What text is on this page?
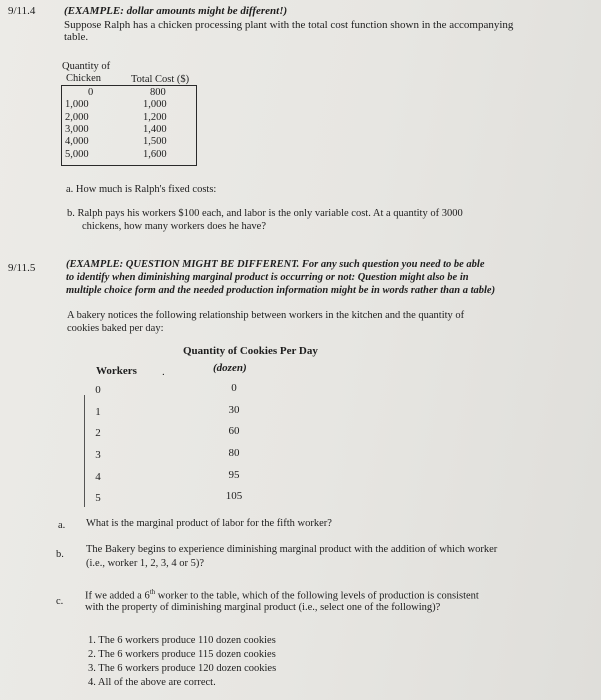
9/11.4	(EXAMPLE: dollar amounts might be different!)
Suppose Ralph has a chicken processing plant with the total cost function shown in the accompanying
table.
Quantity of
Chicken	Total Cost ($)
0	800
1,000	1,000
2,000	1,200
3,000	1,400
4,000	1,500
5,000	1,600
a. How much is Ralph's fixed costs:
b. Ralph pays his workers $100 each, and labor is the only variable cost. At a quantity of 3000
chickens, how many workers does he have?
9/11.5	(EXAMPLE: QUESTION MIGHT BE DIFFERENT. For any such question you need to be able
to identify when diminishing marginal product is occurring or not: Question might also be in
multiple choice form and the needed production information might be in words rather than a table)
A bakery notices the following relationship between workers in the kitchen and the quantity of
cookies baked per day:
Quantity of Cookies Per Day
Workers .	(dozen)
0	0
1	30
2	60
3	80
4	95
5	105
a. What is the marginal product of labor for the fifth worker?
b. The Bakery begins to experience diminishing marginal product with the addition of which worker
(i.e., worker 1, 2, 3, 4 or 5)?
c. If we added a 6th worker to the table, which of the following levels of production is consistent
with the property of diminishing marginal product (i.e., select one of the following)?
1. The 6 workers produce 110 dozen cookies
2. The 6 workers produce 115 dozen cookies
3. The 6 workers produce 120 dozen cookies
4. All of the above are correct.
